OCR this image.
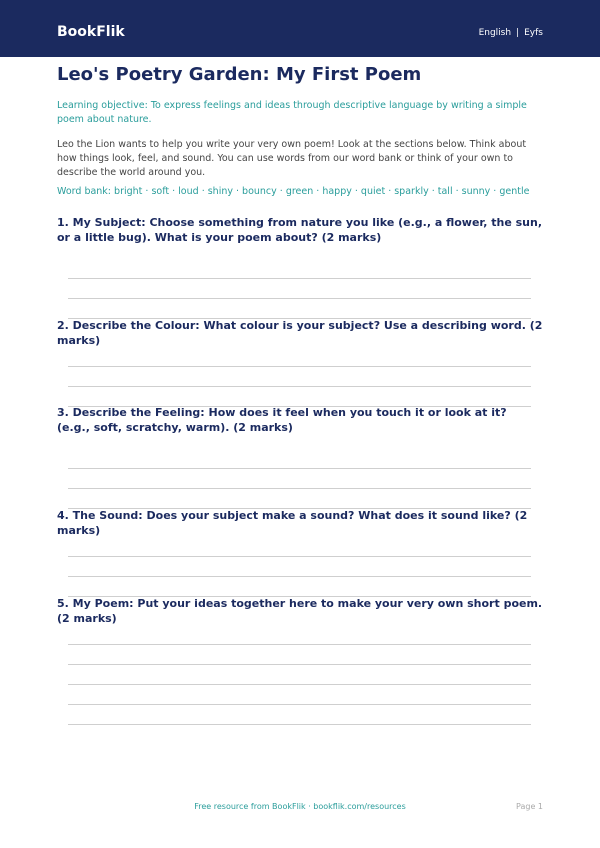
BookFlik	English | Eyfs
Leo's Poetry Garden: My First Poem

Learning objective: To express feelings and ideas through descriptive language by writing a simple poem about nature.

Leo the Lion wants to help you write your very own poem! Look at the sections below. Think about how things look, feel, and sound. You can use words from our word bank or think of your own to describe the world around you.

Word bank: bright · soft · loud · shiny · bouncy · green · happy · quiet · sparkly · tall · sunny · gentle

1. My Subject: Choose something from nature you like (e.g., a flower, the sun, or a little bug). What is your poem about? (2 marks)

2. Describe the Colour: What colour is your subject? Use a describing word. (2 marks)

3. Describe the Feeling: How does it feel when you touch it or look at it? (e.g., soft, scratchy, warm). (2 marks)

4. The Sound: Does your subject make a sound? What does it sound like? (2 marks)

5. My Poem: Put your ideas together here to make your very own short poem. (2 marks)

Free resource from BookFlik · bookflik.com/resources	Page 1
